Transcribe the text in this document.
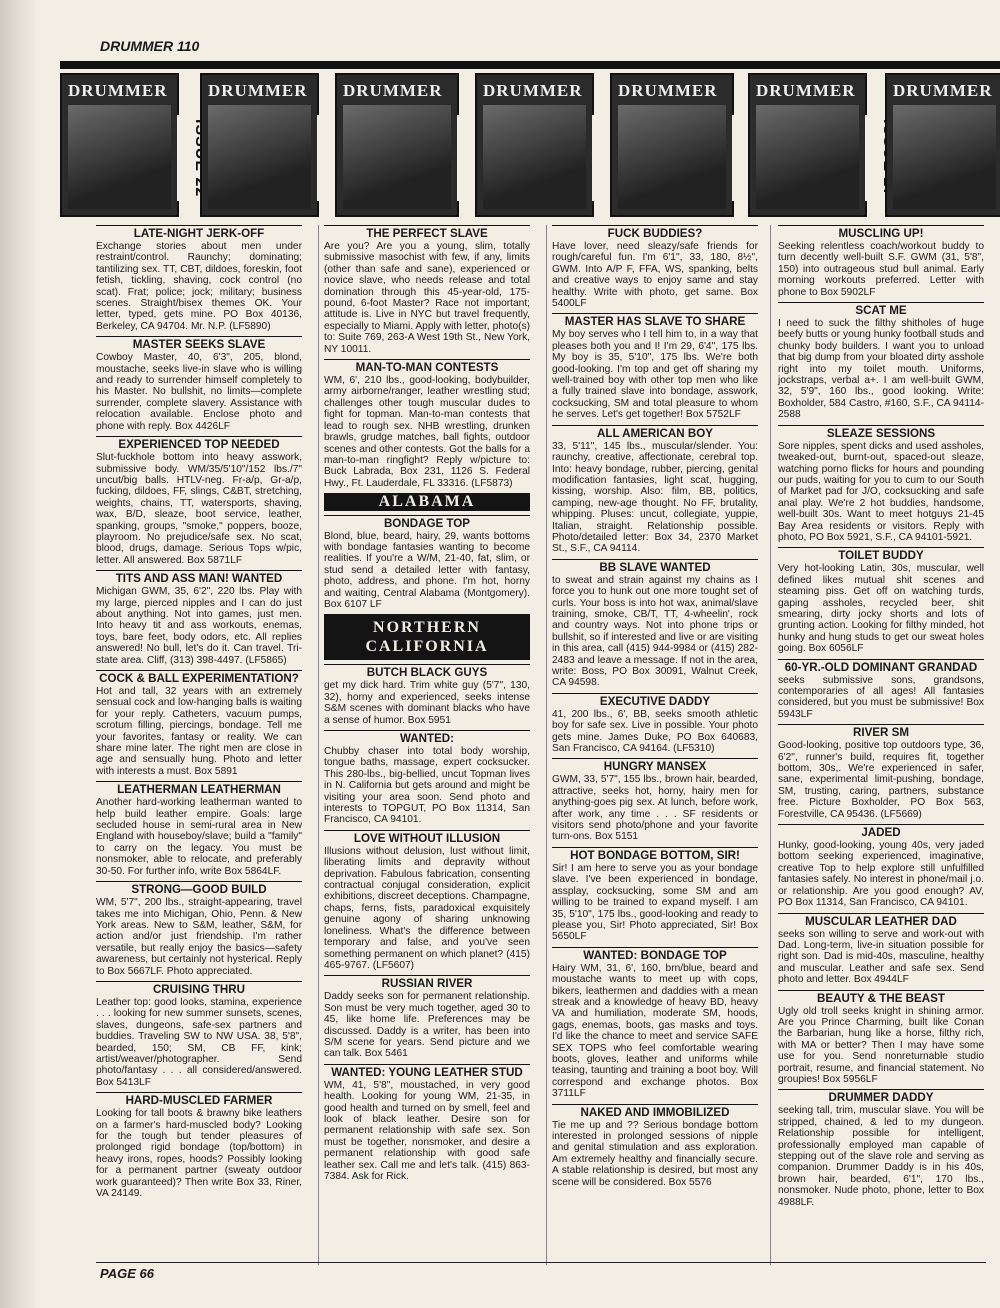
DRUMMER 110
DRUMMER DRUMMER DRUMMER DRUMMER DRUMMER DRUMMER DRUMMER
LATE-NIGHT JERK-OFF

Exchange stories about men under restraint/control. Raunchy; dominating; tantilizing sex. TT, CBT, dildoes, foreskin, foot fetish, tickling, shaving, cock control (no scat). Frat; police; jock; military; business scenes. Straight/bisex themes OK. Your letter, typed, gets mine. PO Box 40136, Berkeley, CA 94704. Mr. N.P. (LF5890)

MASTER SEEKS SLAVE

Cowboy Master, 40, 6'3", 205, blond, moustache, seeks live-in slave who is willing and ready to surrender himself completely to his Master. No bullshit, no limits—complete surrender, complete slavery. Assistance with relocation available. Enclose photo and phone with reply. Box 4426LF

EXPERIENCED TOP NEEDED

Slut-fuckhole bottom into heavy asswork, submissive body. WM/35/5'10"/152 lbs./7" uncut/big balls. HTLV-neg. Fr-a/p, Gr-a/p, fucking, dildoes, FF, slings, C&BT, stretching, weights, chains, TT, watersports, shaving, wax, B/D, sleaze, boot service, leather, spanking, groups, "smoke," poppers, booze, playroom. No prejudice/safe sex. No scat, blood, drugs, damage. Serious Tops w/pic, letter. All answered. Box 5871LF

TITS AND ASS MAN! WANTED

Michigan GWM, 35, 6'2", 220 lbs. Play with my large, pierced nipples and I can do just about anything. Not into games, just men. Into heavy tit and ass workouts, enemas, toys, bare feet, body odors, etc. All replies answered! No bull, let's do it. Can travel. Tri-state area. Cliff, (313) 398-4497. (LF5865)

COCK & BALL EXPERIMENTATION?

Hot and tall, 32 years with an extremely sensual cock and low-hanging balls is waiting for your reply. Catheters, vacuum pumps, scrotum filling, piercings, bondage. Tell me your favorites, fantasy or reality. We can share mine later. The right men are close in age and sensually hung. Photo and letter with interests a must. Box 5891

LEATHERMAN LEATHERMAN

Another hard-working leatherman wanted to help build leather empire. Goals: large secluded house in semi-rural area in New England with houseboy/slave; build a "family" to carry on the legacy. You must be nonsmoker, able to relocate, and preferably 30-50. For further info, write Box 5864LF.

STRONG—GOOD BUILD

WM, 5'7", 200 lbs., straight-appearing, travel takes me into Michigan, Ohio, Penn. & New York areas. New to S&M, leather, S&M, for action and/or just friendship. I'm rather versatile, but really enjoy the basics—safety awareness, but certainly not hysterical. Reply to Box 5667LF. Photo appreciated.

CRUISING THRU

Leather top: good looks, stamina, experience . . . looking for new summer sunsets, scenes, slaves, dungeons, safe-sex partners and buddies. Traveling SW to NW USA. 38, 5'8", bearded, 150; SM, CB FF, kink; artist/weaver/photographer. Send photo/fantasy . . . all considered/answered. Box 5413LF

HARD-MUSCLED FARMER

Looking for tall boots & brawny bike leathers on a farmer's hard-muscled body? Looking for the tough but tender pleasures of prolonged rigid bondage (top/bottom) in heavy irons, ropes, hoods? Possibly looking for a permanent partner (sweaty outdoor work guaranteed)? Then write Box 33, Riner, VA 24149.

THE PERFECT SLAVE

Are you? Are you a young, slim, totally submissive masochist with few, if any, limits (other than safe and sane), experienced or novice slave, who needs release and total domination through this 45-year-old, 175-pound, 6-foot Master? Race not important; attitude is. Live in NYC but travel frequently, especially to Miami. Apply with letter, photo(s) to: Suite 769, 263-A West 19th St., New York, NY 10011.

MAN-TO-MAN CONTESTS

WM, 6', 210 lbs., good-looking, bodybuilder, army airborne/ranger, leather wrestling stud; challenges other tough muscular dudes to fight for topman. Man-to-man contests that lead to rough sex. NHB wrestling, drunken brawls, grudge matches, ball fights, outdoor scenes and other contests. Got the balls for a man-to-man ringfight? Reply w/picture to: Buck Labrada, Box 231, 1126 S. Federal Hwy., Ft. Lauderdale, FL 33316. (LF5873)

ALABAMA
BONDAGE TOP

Blond, blue, beard, hairy, 29, wants bottoms with bondage fantasies wanting to become realities. If you're a W/M, 21-40, fat, slim, or stud send a detailed letter with fantasy, photo, address, and phone. I'm hot, horny and waiting, Central Alabama (Montgomery). Box 6107 LF

NORTHERN
CALIFORNIA
BUTCH BLACK GUYS

get my dick hard. Trim white guy (5'7", 130, 32), horny and experienced, seeks intense S&M scenes with dominant blacks who have a sense of humor. Box 5951

WANTED:

Chubby chaser into total body worship, tongue baths, massage, expert cocksucker. This 280-lbs., big-bellied, uncut Topman lives in N. California but gets around and might be visiting your area soon. Send photo and interests to TOPGUT, PO Box 11314, San Francisco, CA 94101.

LOVE WITHOUT ILLUSION

Illusions without delusion, lust without limit, liberating limits and depravity without deprivation. Fabulous fabrication, consenting contractual conjugal consideration, explicit exhibitions, discreet deceptions. Champagne, chaps, ferns, fists, paradoxical exquisitely genuine agony of sharing unknowing loneliness. What's the difference between temporary and false, and you've seen something permanent on which planet? (415) 465-9767. (LF5607)

RUSSIAN RIVER

Daddy seeks son for permanent relationship. Son must be very much together, aged 30 to 45, like home life. Preferences may be discussed. Daddy is a writer, has been into S/M scene for years. Send picture and we can talk. Box 5461

WANTED: YOUNG LEATHER STUD

WM, 41, 5'8", moustached, in very good health. Looking for young WM, 21-35, in good health and turned on by smell, feel and look of black leather. Desire son for permanent relationship with safe sex. Son must be together, nonsmoker, and desire a permanent relationship with good safe leather sex. Call me and let's talk. (415) 863-7384. Ask for Rick.

FUCK BUDDIES?

Have lover, need sleazy/safe friends for rough/careful fun. I'm 6'1", 33, 180, 8½", GWM. Into A/P F, FFA, WS, spanking, belts and creative ways to enjoy same and stay healthy. Write with photo, get same. Box 5400LF

MASTER HAS SLAVE TO SHARE

My boy serves who I tell him to, in a way that pleases both you and I! I'm 29, 6'4", 175 lbs. My boy is 35, 5'10", 175 lbs. We're both good-looking. I'm top and get off sharing my well-trained boy with other top men who like a fully trained slave into bondage, asswork, cocksucking, SM and total pleasure to whom he serves. Let's get together! Box 5752LF

ALL AMERICAN BOY

33, 5'11", 145 lbs., muscular/slender. You: raunchy, creative, affectionate, cerebral top. Into: heavy bondage, rubber, piercing, genital modification fantasies, light scat, hugging, kissing, worship. Also: film, BB, politics, camping, new-age thought. No FF, brutality, whipping. Pluses: uncut, collegiate, yuppie, Italian, straight. Relationship possible. Photo/detailed letter: Box 34, 2370 Market St., S.F., CA 94114.

BB SLAVE WANTED

to sweat and strain against my chains as I force you to hunk out one more tought set of curls. Your boss is into hot wax, animal/slave training, smoke, CB/T, TT, 4-wheelin', rock and country ways. Not into phone trips or bullshit, so if interested and live or are visiting in this area, call (415) 944-9984 or (415) 282-2483 and leave a message. If not in the area, write: Boss, PO Box 30091, Walnut Creek, CA 94598.

EXECUTIVE DADDY

41, 200 lbs., 6', BB, seeks smooth athletic boy for safe sex. Live in possible. Your photo gets mine. James Duke, PO Box 640683, San Francisco, CA 94164. (LF5310)

HUNGRY MANSEX

GWM, 33, 5'7", 155 lbs., brown hair, bearded, attractive, seeks hot, horny, hairy men for anything-goes pig sex. At lunch, before work, after work, any time . . . SF residents or visitors send photo/phone and your favorite turn-ons. Box 5151

HOT BONDAGE BOTTOM, SIR!

Sir! I am here to serve you as your bondage slave. I've been experienced in bondage, assplay, cocksucking, some SM and am willing to be trained to expand myself. I am 35, 5'10", 175 lbs., good-looking and ready to please you, Sir! Photo appreciated, Sir! Box 5650LF

WANTED: BONDAGE TOP

Hairy WM, 31, 6', 160, brn/blue, beard and moustache wants to meet up with cops, bikers, leathermen and daddies with a mean streak and a knowledge of heavy BD, heavy VA and humiliation, moderate SM, hoods, gags, enemas, boots, gas masks and toys. I'd like the chance to meet and service SAFE SEX TOPS who feel comfortable wearing boots, gloves, leather and uniforms while teasing, taunting and training a boot boy. Will correspond and exchange photos. Box 3711LF

NAKED AND IMMOBILIZED

Tie me up and ?? Serious bondage bottom interested in prolonged sessions of nipple and genital stimulation and ass exploration. Am extremely healthy and financially secure. A stable relationship is desired, but most any scene will be considered. Box 5576

MUSCLING UP!

Seeking relentless coach/workout buddy to turn decently well-built S.F. GWM (31, 5'8", 150) into outrageous stud bull animal. Early morning workouts preferred. Letter with phone to Box 5902LF

SCAT ME

I need to suck the filthy shitholes of huge beefy butts or young hunky football studs and chunky body builders. I want you to unload that big dump from your bloated dirty asshole right into my toilet mouth. Uniforms, jockstraps, verbal a+. I am well-built GWM, 32, 5'9", 160 lbs., good looking. Write: Boxholder, 584 Castro, #160, S.F., CA 94114-2588

SLEAZE SESSIONS

Sore nipples, spent dicks and used assholes, tweaked-out, burnt-out, spaced-out sleaze, watching porno flicks for hours and pounding our puds, waiting for you to cum to our South of Market pad for J/O, cocksucking and safe anal play. We're 2 hot buddies, handsome, well-built 30s. Want to meet hotguys 21-45 Bay Area residents or visitors. Reply with photo, PO Box 5921, S.F., CA 94101-5921.

TOILET BUDDY

Very hot-looking Latin, 30s, muscular, well defined likes mutual shit scenes and steaming piss. Get off on watching turds, gaping assholes, recycled beer, shit smearing, dirty jocky shorts and lots of grunting action. Looking for filthy minded, hot hunky and hung studs to get our sweat holes going. Box 6056LF

60-YR.-OLD DOMINANT GRANDAD

seeks submissive sons, grandsons, contemporaries of all ages! All fantasies considered, but you must be submissive! Box 5943LF

RIVER SM

Good-looking, positive top outdoors type, 36, 6'2", runner's build, requires fit, together bottom, 30s,. We're experienced in safer, sane, experimental limit-pushing, bondage, SM, trusting, caring, partners, substance free. Picture Boxholder, PO Box 563, Forestville, CA 95436. (LF5669)

JADED

Hunky, good-looking, young 40s, very jaded bottom seeking experienced, imaginative, creative Top to help explore still unfulfilled fantasies safely. No interest in phone/mail j.o. or relationship. Are you good enough? AV, PO Box 11314, San Francisco, CA 94101.

MUSCULAR LEATHER DAD

seeks son willing to serve and work-out with Dad. Long-term, live-in situation possible for right son. Dad is mid-40s, masculine, healthy and muscular. Leather and safe sex. Send photo and letter. Box 4944LF

BEAUTY & THE BEAST

Ugly old troll seeks knight in shining armor. Are you Prince Charming, built like Conan the Barbarian, hung like a horse, filthy rich, with MA or better? Then I may have some use for you. Send nonreturnable studio portrait, resume, and financial statement. No groupies! Box 5956LF

DRUMMER DADDY

seeking tall, trim, muscular slave. You will be stripped, chained, & led to my dungeon. Relationship possible for intelligent, professionally employed man capable of stepping out of the slave role and serving as companion. Drummer Daddy is in his 40s, brown hair, bearded, 6'1", 170 lbs., nonsmoker. Nude photo, phone, letter to Box 4988LF.

PAGE 66
